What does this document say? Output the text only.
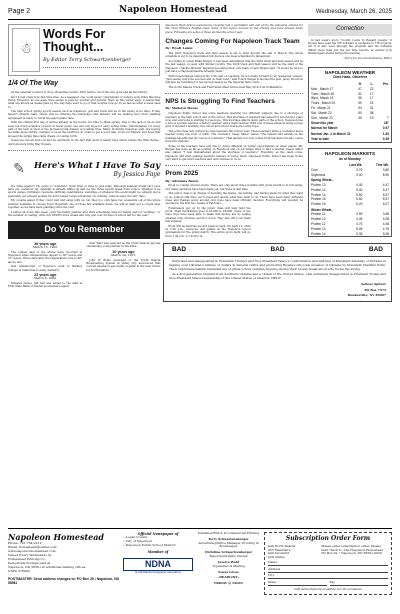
Page 2	Napoleon Homestead	Wednesday, March 26, 2025
☃
Words For Thought...
By Editor Terry Schwartzenberger
1/4 Of The Way

As the calendar is about to drop off another month, 2025 will be 1/4 of the way gone and all but history.

Isn't it just crazy how fast time flies. As a teenager, one could never comprehend or believe such thing like time flying. However, as one ages, time seems to pass by quicker and quicker. Well, as this writer ages, it seems that what are known as weeks pass by the way days used to go or that months now go by as fast as what a week used to.

The high school spring sports season such as trapshoot, golf and track will be in full swing in no time. If they haven't already, baby calves will be littering the landscape and farmers will be making sure their planting equipment is ready to roll at the appropriate time.

With the official first day of spring already in the books, it's time to think spring. Due to the lack of snow, and even not much evidence of snow in fewer parts, one can only hope for early spring rains. Unfortunately, for every part of the lack of snow is the increased risk danger of possible fires. Many, including myself as well, are hoping we make more storms continue to be at the forefront. In order to get a good rain, cross our fingers, and hope that at least the spring time rains dream of coming forth.

Guess we can all hold out and be optimistic in the fact that April is nearly here which brings the little rhyme - April showers bring May flowers.

✎	Here's What I Have To Say
By Jessica Faye

It's Time Again!!! I'm going to "schedule" down time or time to just relax. Although summer break isn't even here yet, somehow my calendar is already filling up fast for the three month break from school. Whether it be sports camps, birthdays, reunions, birthday celebrations, weddings or whatever the event might be, already we've seemingly got already spoken for and I haven't even scheduled "do nothing, relax & enjoy the sun" date.

My cousins asked if they could visit and camp with us, but they too, only have two weekends out of the whole summer available to choose from! Hopefully one of those few available dates, we will at least get a couple days together, as we have been planning since the visit.

I better sit down this week, open the family planner and start scheduling time for family and for "nothing," or the summer is roaring, with only SEVEN more weeks and only just over 50 days of school left for the year!

Do You Remember
30 years ago
March 15, 1995

The coldest days of the winter were recorded at Napoleon when temperatures dipped to 38° below and 31° below. Three days later the temperature rose to 40° above zero.

Deb Oldenburger of Napoleon went to Barkley College in California to study dentistry.

25 years ago
March 8, 2000

Streeter native, Jeff Veil was added to the staff at First State Bank of Golden as insurance agent.

Glen Wald was selected as the North Dakota Jaycees outstanding young farmer in the state.

10 years ago
March 24, 1915

John W. Boler, president of the North Dakota Broadcasting System at Valley City announced that colored television was highly popular in the near future for North Dakota.

Napoleon High School sophomores recently had a journalism unit and wrote the following articles for Ms. Nora Ellison's English class. Some of the topics covered by the articles may have already taken place. Following are some of those stories this school year.

Changes Coming For Napoleon Track Team
By: Wyatt Laisie

The 2025 Napoleon track and field season is set to start around the end of March. The whole schedule is yet to be determined but there is one meet scheduled in Jamestown.

According to coach Brian Weigel, it has been determined that the 2025 track and field season will be the last season co-oped with Kidder County. The 2026 track and field season will be the start of the Napoleon / Gackle-Streeter Imperial becoming their own team. Coach Weigel said, "It would be nice to just have a Napoleon/Gackle-Streeter team."

With Coach Weigel being in his 11th year of coaching, he is looking forward to an "awesome" season. "Just seeing everyone succeed and do their best," said Coach Weigel is his favorite part. Jacey Woodrow will also be returning for her second season as the Imperial field coach.

The North Dakota Track and Field State Meet will be held May 30 & 31st in Bismarck.

NPS Is Struggling To Find Teachers
By: Madelyn Mauer

Napoleon Public School has some teachers teaching two different subjects due to a shortage of teachers in the high school end of the school. This shortage of teachers has lasted for around five years now, and everyone is starting to lose hope. This shortage affects many parts of the school. Napoleon has a loss of a music teacher, a history teacher, and a math teacher. With loss of these subjects being a huge part of student's learning, the school and school board are losing hope.

The school has only gotten two new teachers this school year. These teachers bring a counselor and a teacher doing one hour of math. The counselor, Casey Sailor, stated "The tension and anxiety in the building has affected my role as a counselor." That anxiety not only comes from teachers but also comes from the students.

Some of the teachers have left due to doing different or better opportunities in other places. Mr. Berger has gone as far as posting on Facebook and on job listing sites to find a teacher. Casey Sailor also stated, "I feel disheartened about the shortage of teachers." Hopefully, as the years come, Napoleon will start gaining teachers instead of losing them. Napoleon Public School has been trying very hard to get more teachers and will continue to do so.

Prom 2025
By: Adrianna Baron

Prom is coming around slowly. There are only about three months until prom month is in full swing. Not many decisions have been made yet, but there is still time.

The junior class is in charge of deciding the theme, decorating, and having plans for what they want to do. Juniors still have yet to meet and decide what they want to do. There have been many different ideas and themes going around, but none have been officially decided. Everything will possibly be decided in the first two weeks of February.

Fundraisers put on by the junior class will help fund the prom. Their fundraising goal is $5,000 to $6,000. Some of the ways they have been able to make this money are by selling caramel rolls, lunches, and hot cocoa. They also did a car wash last summer.

Prom will be held the second week in April. On April 12, 2025 at 7:30 p.m., everyone will gather at the Napoleon school gymnasium for the grand march. The entire prom night will go from 7:30 p.m. to 10:30 p.m.

Correction

In last week's story, "County Looks To Reward Guests," it should have read the TIF software is exclusive to TIF projects, but it is also used through the program and the software differs more than just the per mile reports, as auditor Jody Kritzbergern stated during the meeting.

~Sorry for any inconvenience, Editor
NAPOLEON WEATHER
Clark Haas, Observer
	H.	L.	Pre.
Mon., March 17	47	22	
Tues., March 18	31	17	
Wed., March 19	36	17	
Thurs., March 20	59	15	
Fri., March 21	54	31	
Sat., March 22	60	38	
Sun., March 23	39	19	T
Snow this year			28"
Normal for March			0.97
Normal Jan. 1 to March 31			1.83
Year to date			0.49
NAPOLEON MARKETS
as of Monday
	Last Wk.	This Wk.
Corn	3.76	3.80
Soybeans	9.00	8.90
Spring Wheat -		
Protein 13	4.40	4.47
Protein 14	5.40	5.47
Protein 14	5.50	5.57
Protein 15	5.60	5.57
Protein 16	6.20	6.07
Winter Wheat -		
Protein 11	3.99	3.68
Protein 12	4.35	4.08
Protein 12	4.75	4.48
Protein 13	5.05	4.78
Protein 14	5.35	5.08
BAD	BAD	BAD

Surprised and disappointed in President Trump's and Vice President Vance's confrontation and bullying of President Zelensky of Ukraine in signing over Ukraine's billions of dollars in mineral rights and promoting Russia's full scale invasion of Ukraine by President Vladimir Putin. Their unprofessionalism reminded me of grade school children arguing during their recess break about who broke the swing.

As a 3rd generation migrant from Southern Ukraine and a citizen of the United States, I am extremely disappointed in President Trump and Vice President Vance's leadership of the United States of America. HELP!

Selmer Spitzer
PO Box 7373
Bunkerville, NV 89007
Napoleon Homestead
Phone: 701-754-2212
Email: homestead@bektel.com
www.napoleonhomestead.com
Issued Every Wednesday by
Homestead Printing Co.
Periodicals Postage paid at
Napoleon, ND 58561 & additional mailing offices.
USPS 378040
POSTMASTER: Send address changes to: PO Box 29 • Napoleon, ND 58561
Official Newspaper of
~Logan County
~City of Napoleon
~Napoleon Public School District
Member of
NDNA
North Dakota Newspaper Association
Publisher/Editor & Commercial Printing
Terry Schwartzenberger
Advertising/Office Manager, Proofing & Bookkeeper
Christine Schwartzenberger
Reporter/Graphic Design
Jessica Wald
Typesetter & Mailing
Sonya Gross
~DEADLINE~
FRIDAY @ NOON
Subscription Order Form
$49 North Dakota
$55 Elsewhere
$40 Snowbird
$29 Online
Please enter subscription order. Please mail check to: The Napoleon Homestead PO Box 29 • Napoleon, ND 58561-0029
Name
Address
City
State	Zip
Gift subscriptions available for all occasions
